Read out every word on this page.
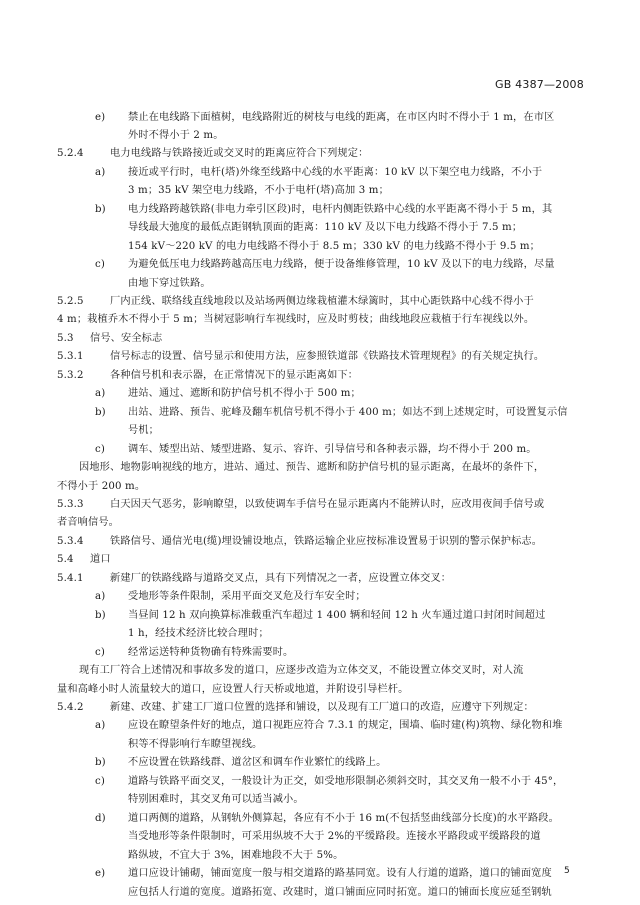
GB 4387—2008
e) 禁止在电线路下面植树，电线路附近的树枝与电线的距离，在市区内时不得小于 1 m，在市区
外时不得小于 2 m。
5.2.4	电力电线路与铁路接近或交叉时的距离应符合下列规定：
a) 接近或平行时，电杆(塔)外缘至线路中心线的水平距离：10 kV 以下架空电力线路，不小于
3 m；35 kV 架空电力线路，不小于电杆(塔)高加 3 m；
b) 电力线路跨越铁路(非电力牵引区段)时，电杆内侧距铁路中心线的水平距离不得小于 5 m，其
导线最大弛度的最低点距钢轨顶面的距离：110 kV 及以下电力线路不得小于 7.5 m；
154 kV～220 kV 的电力电线路不得小于 8.5 m；330 kV 的电力线路不得小于 9.5 m；
c) 为避免低压电力线路跨越高压电力线路，便于设备维修管理，10 kV 及以下的电力线路，尽量
由地下穿过铁路。
5.2.5	厂内正线、联络线直线地段以及站场两侧边缘栽植灌木绿篱时，其中心距铁路中心线不得小于
4 m；栽植乔木不得小于 5 m；当树冠影响行车视线时，应及时剪枝；曲线地段应栽植于行车视线以外。
5.3 信号、安全标志
5.3.1	信号标志的设置、信号显示和使用方法，应参照铁道部《铁路技术管理规程》的有关规定执行。
5.3.2	各种信号机和表示器，在正常情况下的显示距离如下：
a) 进站、通过、遮断和防护信号机不得小于 500 m；
b) 出站、进路、预告、驼峰及翻车机信号机不得小于 400 m；如达不到上述规定时，可设置复示信
号机；
c) 调车、矮型出站、矮型进路、复示、容许、引导信号和各种表示器，均不得小于 200 m。
因地形、地物影响视线的地方，进站、通过、预告、遮断和防护信号机的显示距离，在最坏的条件下，
不得小于 200 m。
5.3.3	白天因天气恶劣，影响瞭望，以致使调车手信号在显示距离内不能辨认时，应改用夜间手信号或
者音响信号。
5.3.4	铁路信号、通信光电(缆)埋设铺设地点，铁路运输企业应按标准设置易于识别的警示保护标志。
5.4 道口
5.4.1	新建厂的铁路线路与道路交叉点，具有下列情况之一者，应设置立体交叉：
a) 受地形等条件限制，采用平面交叉危及行车安全时；
b) 当昼间 12 h 双向换算标准载重汽车超过 1 400 辆和轻间 12 h 火车通过道口封闭时间超过
1 h，经技术经济比较合理时；
c) 经常运送特种货物确有特殊需要时。
现有工厂符合上述情况和事故多发的道口，应逐步改造为立体交叉，不能设置立体交叉时，对人流
量和高峰小时人流量较大的道口，应设置人行天桥或地道，并附设引导栏杆。
5.4.2	新建、改建、扩建工厂道口位置的选择和铺设，以及现有工厂道口的改造，应遵守下列规定：
a) 应设在瞭望条件好的地点，道口视距应符合 7.3.1 的规定，围墙、临时建(构)筑物、绿化物和堆
积等不得影响行车瞭望视线。
b) 不应设置在铁路线群、道岔区和调车作业繁忙的线路上。
c) 道路与铁路平面交叉，一般设计为正交，如受地形限制必须斜交时，其交叉角一般不小于 45°，
特别困难时，其交叉角可以适当减小。
d) 道口两侧的道路，从钢轨外侧算起，各应有不小于 16 m(不包括竖曲线部分长度)的水平路段。
当受地形等条件限制时，可采用纵坡不大于 2%的平缓路段。连接水平路段或平缓路段的道
路纵坡，不宜大于 3%，困难地段不大于 5%。
e) 道口应设计铺砌，铺面宽度一般与相交道路的路基同宽。设有人行道的道路，道口的铺面宽度
应包括人行道的宽度。道路拓宽、改建时，道口铺面应同时拓宽。道口的铺面长度应延至钢轨
5
